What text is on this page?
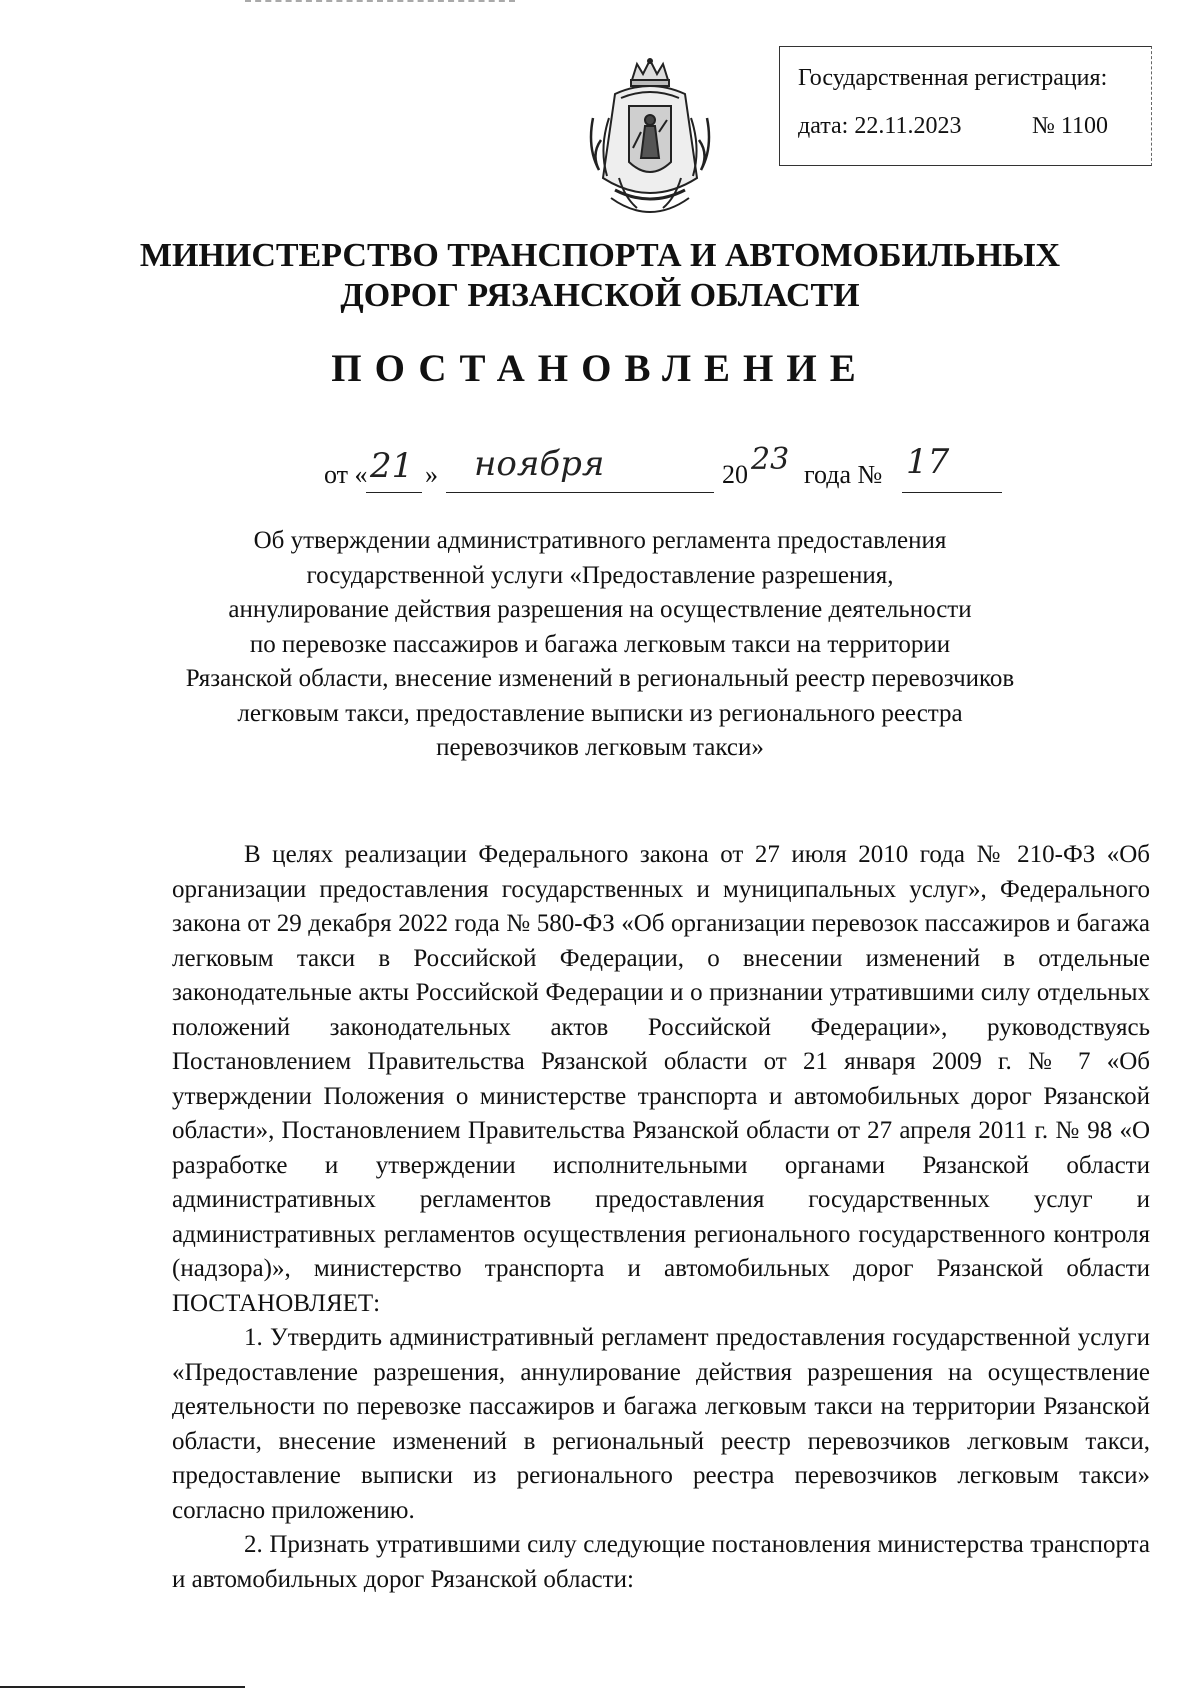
Государственная регистрация:
дата: 22.11.2023	№ 1100
МИНИСТЕРСТВО ТРАНСПОРТА И АВТОМОБИЛЬНЫХ
ДОРОГ РЯЗАНСКОЙ ОБЛАСТИ
ПОСТАНОВЛЕНИЕ
от « 21 » ноября	20 23 года № 17
Об утверждении административного регламента предоставления
государственной услуги «Предоставление разрешения,
аннулирование действия разрешения на осуществление деятельности
по перевозке пассажиров и багажа легковым такси на территории
Рязанской области, внесение изменений в региональный реестр перевозчиков
легковым такси, предоставление выписки из регионального реестра
перевозчиков легковым такси»

В целях реализации Федерального закона от 27 июля 2010 года № 210-ФЗ «Об организации предоставления государственных и муниципальных услуг», Федерального закона от 29 декабря 2022 года № 580-ФЗ «Об организации перевозок пассажиров и багажа легковым такси в Российской Федерации, о внесении изменений в отдельные законодательные акты Российской Федерации и о признании утратившими силу отдельных положений законодательных актов Российской Федерации», руководствуясь Постановлением Правительства Рязанской области от 21 января 2009 г. № 7 «Об утверждении Положения о министерстве транспорта и автомобильных дорог Рязанской области», Постановлением Правительства Рязанской области от 27 апреля 2011 г. № 98 «О разработке и утверждении исполнительными органами Рязанской области административных регламентов предоставления государственных услуг и административных регламентов осуществления регионального государственного контроля (надзора)», министерство транспорта и автомобильных дорог Рязанской области ПОСТАНОВЛЯЕТ:

1. Утвердить административный регламент предоставления государственной услуги «Предоставление разрешения, аннулирование действия разрешения на осуществление деятельности по перевозке пассажиров и багажа легковым такси на территории Рязанской области, внесение изменений в региональный реестр перевозчиков легковым такси, предоставление выписки из регионального реестра перевозчиков легковым такси» согласно приложению.

2. Признать утратившими силу следующие постановления министерства транспорта и автомобильных дорог Рязанской области:
